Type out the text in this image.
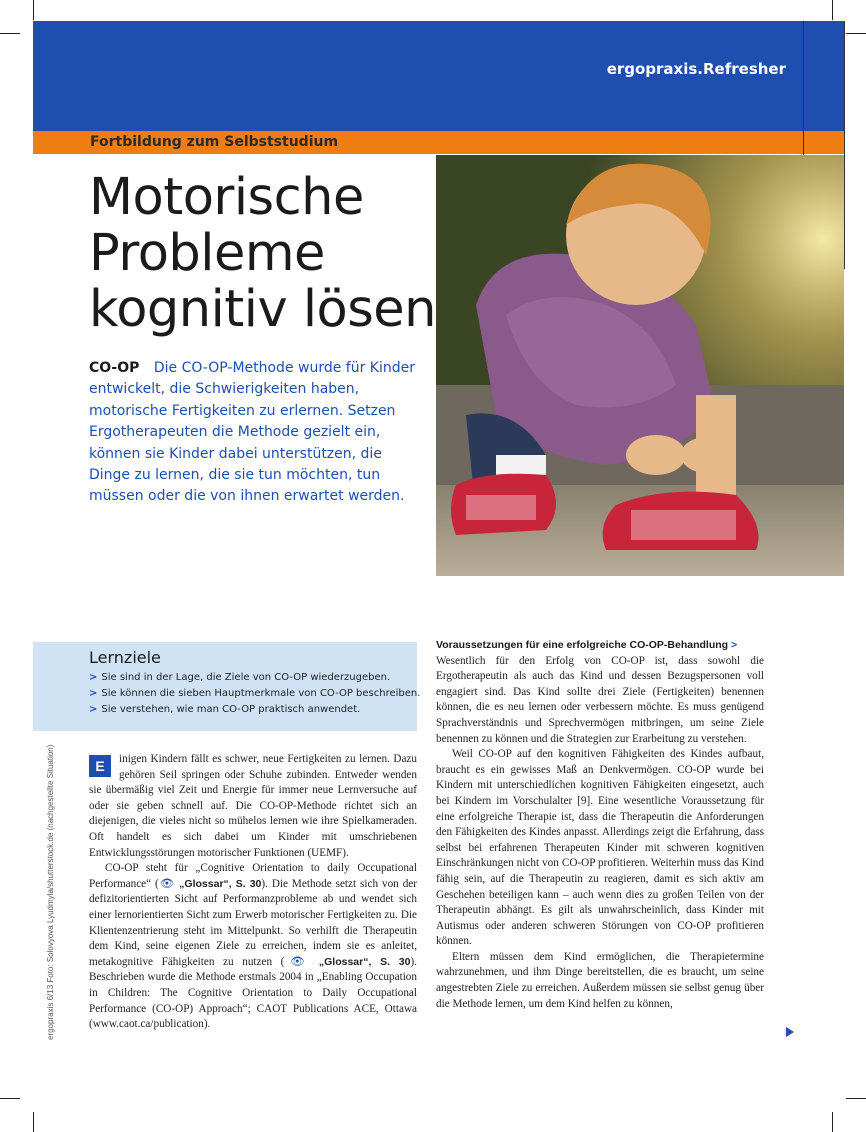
ergopraxis.Refresher
Fortbildung zum Selbststudium
Motorische
Probleme
kognitiv lösen
CO-OP Die CO-OP-Methode wurde für Kinder entwickelt, die Schwierigkeiten haben, motorische Fertigkeiten zu erlernen. Setzen Ergotherapeuten die Methode gezielt ein, können sie Kinder dabei unterstützen, die Dinge zu lernen, die sie tun möchten, tun müssen oder die von ihnen erwartet werden.
Lernziele
> Sie sind in der Lage, die Ziele von CO-OP wiederzugeben.
> Sie können die sieben Hauptmerkmale von CO-OP beschreiben.
> Sie verstehen, wie man CO-OP praktisch anwendet.
ergopraxis 6/13 Foto: Solovyova Lyudmyla/shutterstock.de (nachgestellte Situation)	E	inigen Kindern fällt es schwer, neue Fertigkeiten zu lernen. Dazu gehören Seil springen oder Schuhe zubinden. Entweder wenden sie übermäßig viel Zeit und Energie für immer neue Lernversuche auf oder sie geben schnell auf. Die CO-OP-Methode richtet sich an diejenigen, die vieles nicht so mühelos lernen wie ihre Spielkameraden. Oft handelt es sich dabei um Kinder mit umschriebenen Entwicklungsstörungen motorischer Funktionen (UEMF).

CO-OP steht für „Cognitive Orientation to daily Occupational Performance“ (👁 „Glossar“, S. 30). Die Methode setzt sich von der defizitorientierten Sicht auf Performanzprobleme ab und wendet sich einer lernorientierten Sicht zum Erwerb motorischer Fertigkeiten zu. Die Klientenzentrierung steht im Mittelpunkt. So verhilft die Therapeutin dem Kind, seine eigenen Ziele zu erreichen, indem sie es anleitet, metakognitive Fähigkeiten zu nutzen (👁 „Glossar“, S. 30). Beschrieben wurde die Methode erstmals 2004 in „Enabling Occupation in Children: The Cognitive Orientation to Daily Occupational Performance (CO-OP) Approach“; CAOT Publications ACE, Ottawa (www.caot.ca/publication).

Voraussetzungen für eine erfolgreiche CO-OP-Behandlung >

Wesentlich für den Erfolg von CO-OP ist, dass sowohl die Ergotherapeutin als auch das Kind und dessen Bezugspersonen voll engagiert sind. Das Kind sollte drei Ziele (Fertigkeiten) benennen können, die es neu lernen oder verbessern möchte. Es muss genügend Sprachverständnis und Sprechvermögen mitbringen, um seine Ziele benennen zu können und die Strategien zur Erarbeitung zu verstehen.

Weil CO-OP auf den kognitiven Fähigkeiten des Kindes aufbaut, braucht es ein gewisses Maß an Denkvermögen. CO-OP wurde bei Kindern mit unterschiedlichen kognitiven Fähigkeiten eingesetzt, auch bei Kindern im Vorschulalter [9]. Eine wesentliche Voraussetzung für eine erfolgreiche Therapie ist, dass die Therapeutin die Anforderungen den Fähigkeiten des Kindes anpasst. Allerdings zeigt die Erfahrung, dass selbst bei erfahrenen Therapeuten Kinder mit schweren kognitiven Einschränkungen nicht von CO-OP profitieren. Weiterhin muss das Kind fähig sein, auf die Therapeutin zu reagieren, damit es sich aktiv am Geschehen beteiligen kann – auch wenn dies zu großen Teilen von der Therapeutin abhängt. Es gilt als unwahrscheinlich, dass Kinder mit Autismus oder anderen schweren Störungen von CO-OP profitieren können.

Eltern müssen dem Kind ermöglichen, die Therapietermine wahrzunehmen, und ihm Dinge bereitstellen, die es braucht, um seine angestrebten Ziele zu erreichen. Außerdem müssen sie selbst genug über die Methode lernen, um dem Kind helfen zu können,
